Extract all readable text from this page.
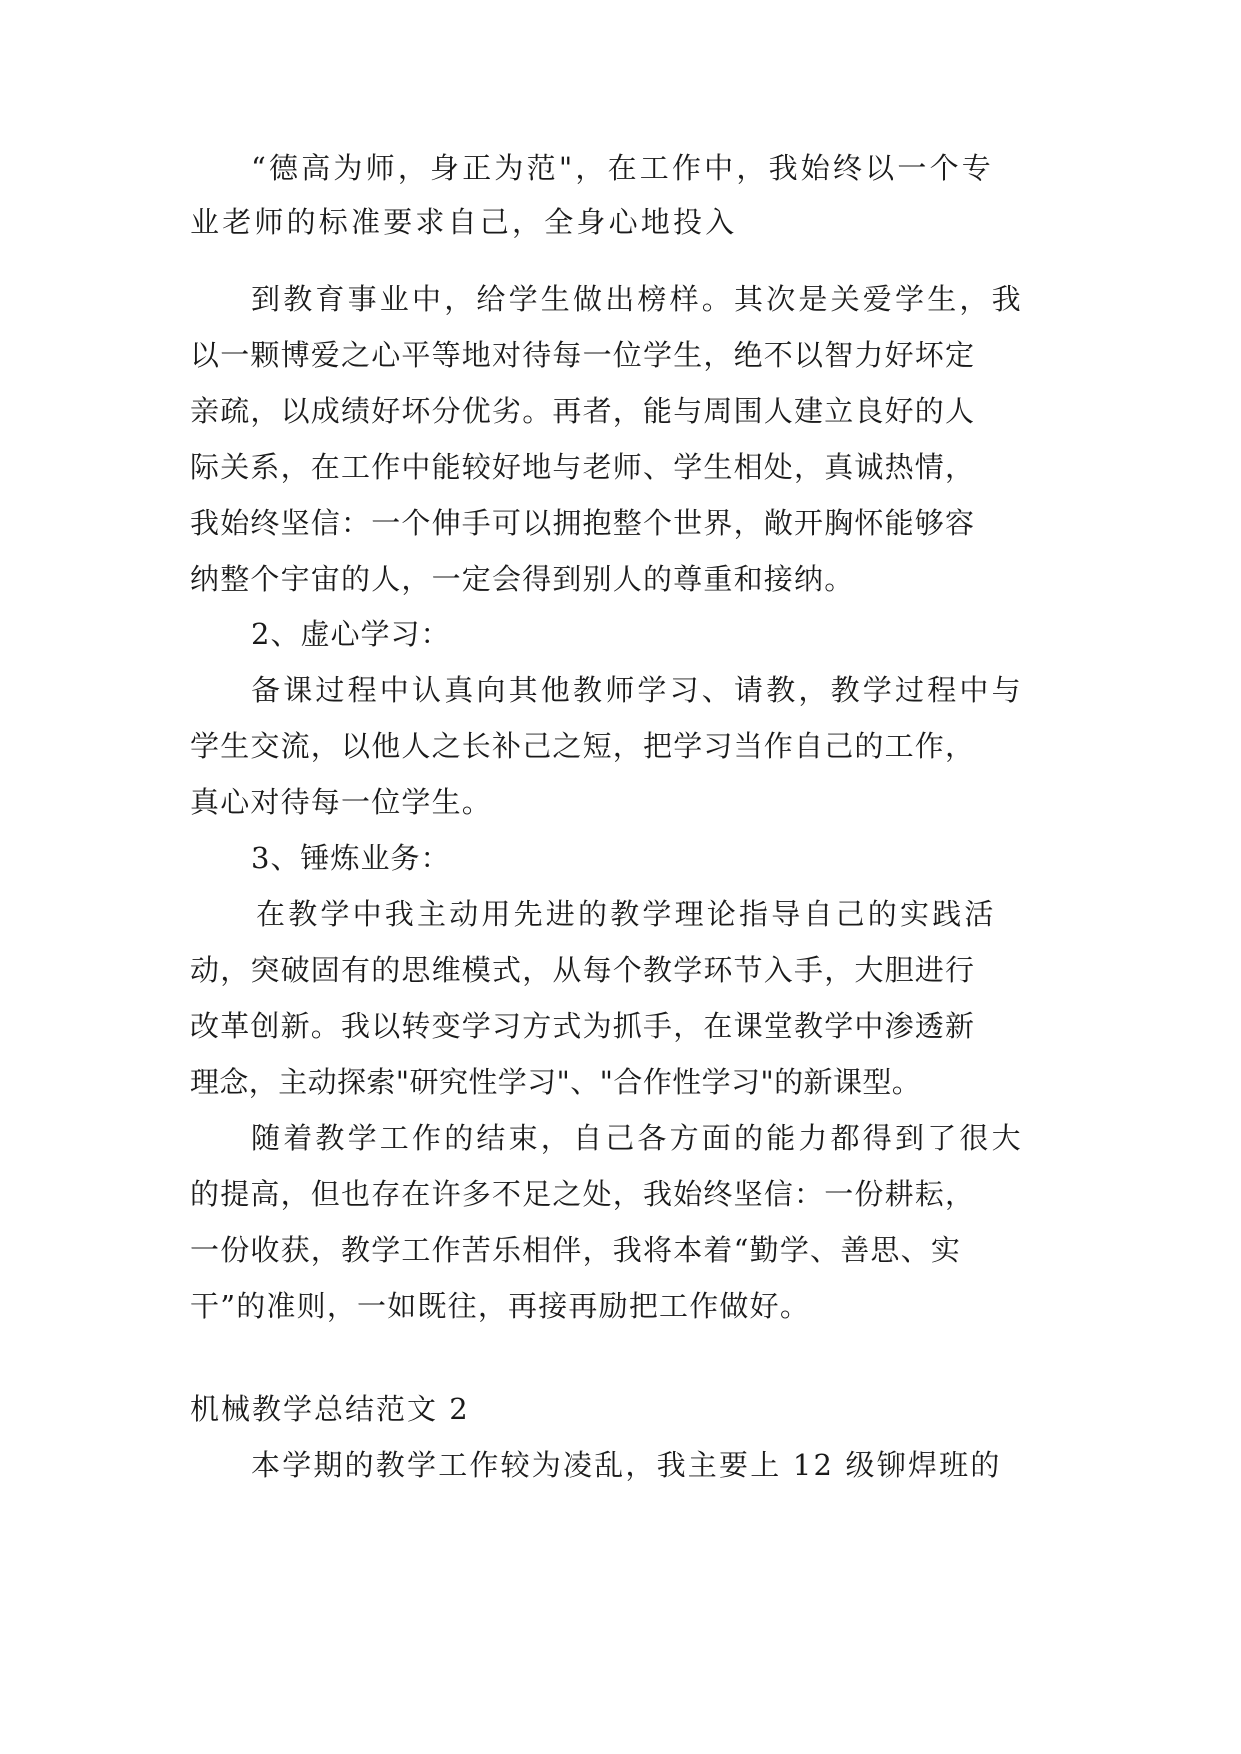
“德高为师，身正为范"，在工作中，我始终以一个专
业老师的标准要求自己，全身心地投入
到教育事业中，给学生做出榜样。其次是关爱学生，我
以一颗博爱之心平等地对待每一位学生，绝不以智力好坏定
亲疏，以成绩好坏分优劣。再者，能与周围人建立良好的人
际关系，在工作中能较好地与老师、学生相处，真诚热情，
我始终坚信：一个伸手可以拥抱整个世界，敞开胸怀能够容
纳整个宇宙的人，一定会得到别人的尊重和接纳。
2、虚心学习：
备课过程中认真向其他教师学习、请教，教学过程中与
学生交流，以他人之长补己之短，把学习当作自己的工作，
真心对待每一位学生。
3、锤炼业务：
在教学中我主动用先进的教学理论指导自己的实践活
动，突破固有的思维模式，从每个教学环节入手，大胆进行
改革创新。我以转变学习方式为抓手，在课堂教学中渗透新
理念，主动探索"研究性学习"、"合作性学习"的新课型。
随着教学工作的结束，自己各方面的能力都得到了很大
的提高，但也存在许多不足之处，我始终坚信：一份耕耘，
一份收获，教学工作苦乐相伴，我将本着“勤学、善思、实
干”的准则，一如既往，再接再励把工作做好。
机械教学总结范文 2
本学期的教学工作较为凌乱，我主要上 12 级铆焊班的
